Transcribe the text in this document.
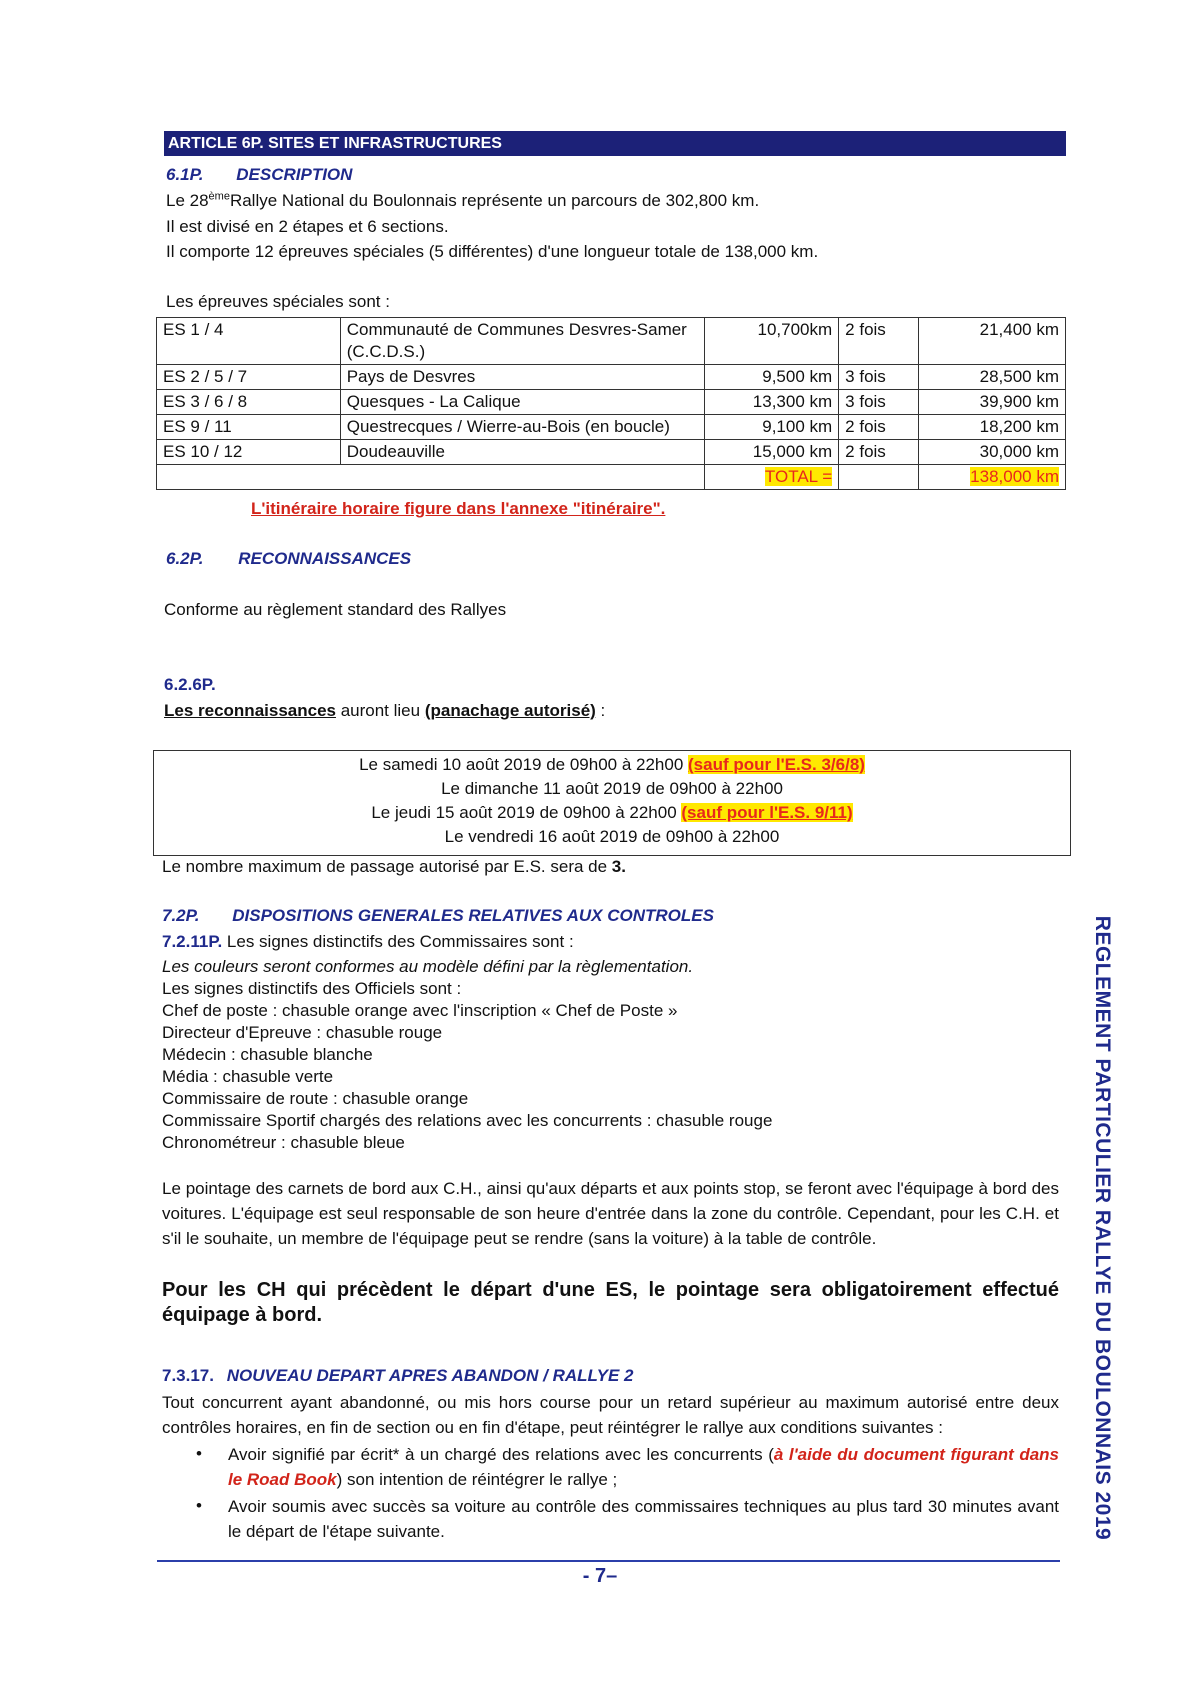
ARTICLE 6P. SITES ET INFRASTRUCTURES
6.1P. DESCRIPTION
Le 28èmeRallye National du Boulonnais représente un parcours de 302,800 km.
Il est divisé en 2 étapes et 6 sections.
Il comporte 12 épreuves spéciales (5 différentes) d'une longueur totale de 138,000 km.
Les épreuves spéciales sont :
ES 1 / 4	Communauté de Communes Desvres-Samer (C.C.D.S.)	10,700km	2 fois	21,400 km
ES 2 / 5 / 7	Pays de Desvres	9,500 km	3 fois	28,500 km
ES 3 / 6 / 8	Quesques - La Calique	13,300 km	3 fois	39,900 km
ES 9 / 11	Questrecques / Wierre-au-Bois (en boucle)	9,100 km	2 fois	18,200 km
ES 10 / 12	Doudeauville	15,000 km	2 fois	30,000 km
		TOTAL =		138,000 km
L'itinéraire horaire figure dans l'annexe "itinéraire".
6.2P. RECONNAISSANCES
Conforme au règlement standard des Rallyes
6.2.6P.
Les reconnaissances auront lieu (panachage autorisé) :
Le samedi 10 août 2019 de 09h00 à 22h00 (sauf pour l'E.S. 3/6/8)
Le dimanche 11 août 2019 de 09h00 à 22h00
Le jeudi 15 août 2019 de 09h00 à 22h00 (sauf pour l'E.S. 9/11)
Le vendredi 16 août 2019 de 09h00 à 22h00
Le nombre maximum de passage autorisé par E.S. sera de 3.
7.2P. DISPOSITIONS GENERALES RELATIVES AUX CONTROLES
7.2.11P. Les signes distinctifs des Commissaires sont :
Les couleurs seront conformes au modèle défini par la règlementation.
Les signes distinctifs des Officiels sont :
Chef de poste : chasuble orange avec l'inscription « Chef de Poste »
Directeur d'Epreuve : chasuble rouge
Médecin : chasuble blanche
Média : chasuble verte
Commissaire de route : chasuble orange
Commissaire Sportif chargés des relations avec les concurrents : chasuble rouge
Chronométreur : chasuble bleue
Le pointage des carnets de bord aux C.H., ainsi qu'aux départs et aux points stop, se feront avec l'équipage à bord des voitures. L'équipage est seul responsable de son heure d'entrée dans la zone du contrôle. Cependant, pour les C.H. et s'il le souhaite, un membre de l'équipage peut se rendre (sans la voiture) à la table de contrôle.
Pour les CH qui précèdent le départ d'une ES, le pointage sera obligatoirement effectué équipage à bord.
7.3.17. NOUVEAU DEPART APRES ABANDON / RALLYE 2
Tout concurrent ayant abandonné, ou mis hors course pour un retard supérieur au maximum autorisé entre deux contrôles horaires, en fin de section ou en fin d'étape, peut réintégrer le rallye aux conditions suivantes :
• Avoir signifié par écrit* à un chargé des relations avec les concurrents (à l'aide du document figurant dans le Road Book) son intention de réintégrer le rallye ;
• Avoir soumis avec succès sa voiture au contrôle des commissaires techniques au plus tard 30 minutes avant le départ de l'étape suivante.	REGLEMENT PARTICULIER RALLYE DU BOULONNAIS 2019
- 7–
